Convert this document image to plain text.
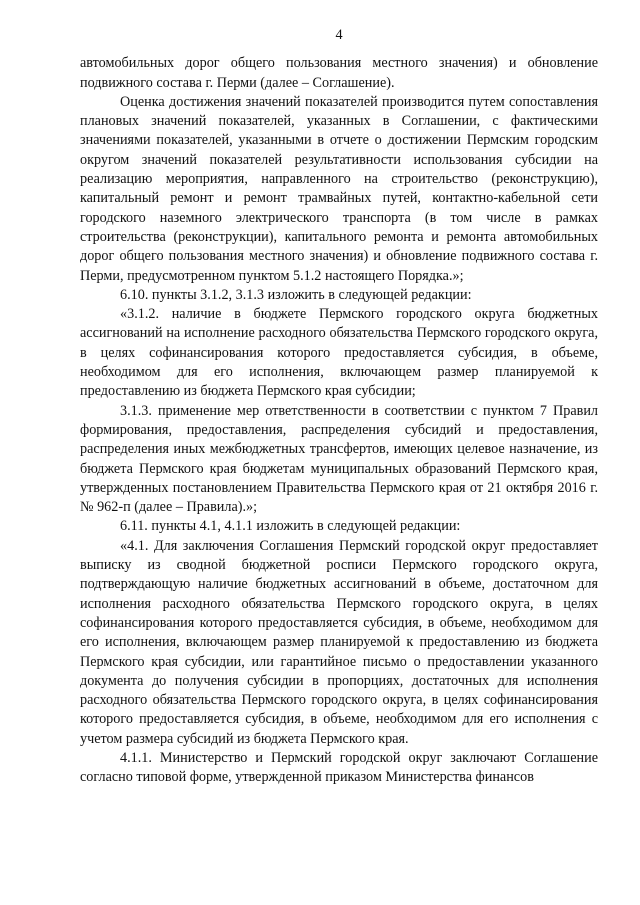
4

автомобильных дорог общего пользования местного значения) и обновление подвижного состава г. Перми (далее – Соглашение).

Оценка достижения значений показателей производится путем сопоставления плановых значений показателей, указанных в Соглашении, с фактическими значениями показателей, указанными в отчете о достижении Пермским городским округом значений показателей результативности использования субсидии на реализацию мероприятия, направленного на строительство (реконструкцию), капитальный ремонт и ремонт трамвайных путей, контактно-кабельной сети городского наземного электрического транспорта (в том числе в рамках строительства (реконструкции), капитального ремонта и ремонта автомобильных дорог общего пользования местного значения) и обновление подвижного состава г. Перми, предусмотренном пунктом 5.1.2 настоящего Порядка.»;

6.10. пункты 3.1.2, 3.1.3 изложить в следующей редакции:

«3.1.2. наличие в бюджете Пермского городского округа бюджетных ассигнований на исполнение расходного обязательства Пермского городского округа, в целях софинансирования которого предоставляется субсидия, в объеме, необходимом для его исполнения, включающем размер планируемой к предоставлению из бюджета Пермского края субсидии;

3.1.3. применение мер ответственности в соответствии с пунктом 7 Правил формирования, предоставления, распределения субсидий и предоставления, распределения иных межбюджетных трансфертов, имеющих целевое назначение, из бюджета Пермского края бюджетам муниципальных образований Пермского края, утвержденных постановлением Правительства Пермского края от 21 октября 2016 г. № 962-п (далее – Правила).»;

6.11. пункты 4.1, 4.1.1 изложить в следующей редакции:

«4.1. Для заключения Соглашения Пермский городской округ предоставляет выписку из сводной бюджетной росписи Пермского городского округа, подтверждающую наличие бюджетных ассигнований в объеме, достаточном для исполнения расходного обязательства Пермского городского округа, в целях софинансирования которого предоставляется субсидия, в объеме, необходимом для его исполнения, включающем размер планируемой к предоставлению из бюджета Пермского края субсидии, или гарантийное письмо о предоставлении указанного документа до получения субсидии в пропорциях, достаточных для исполнения расходного обязательства Пермского городского округа, в целях софинансирования которого предоставляется субсидия, в объеме, необходимом для его исполнения с учетом размера субсидий из бюджета Пермского края.

4.1.1. Министерство и Пермский городской округ заключают Соглашение согласно типовой форме, утвержденной приказом Министерства финансов
